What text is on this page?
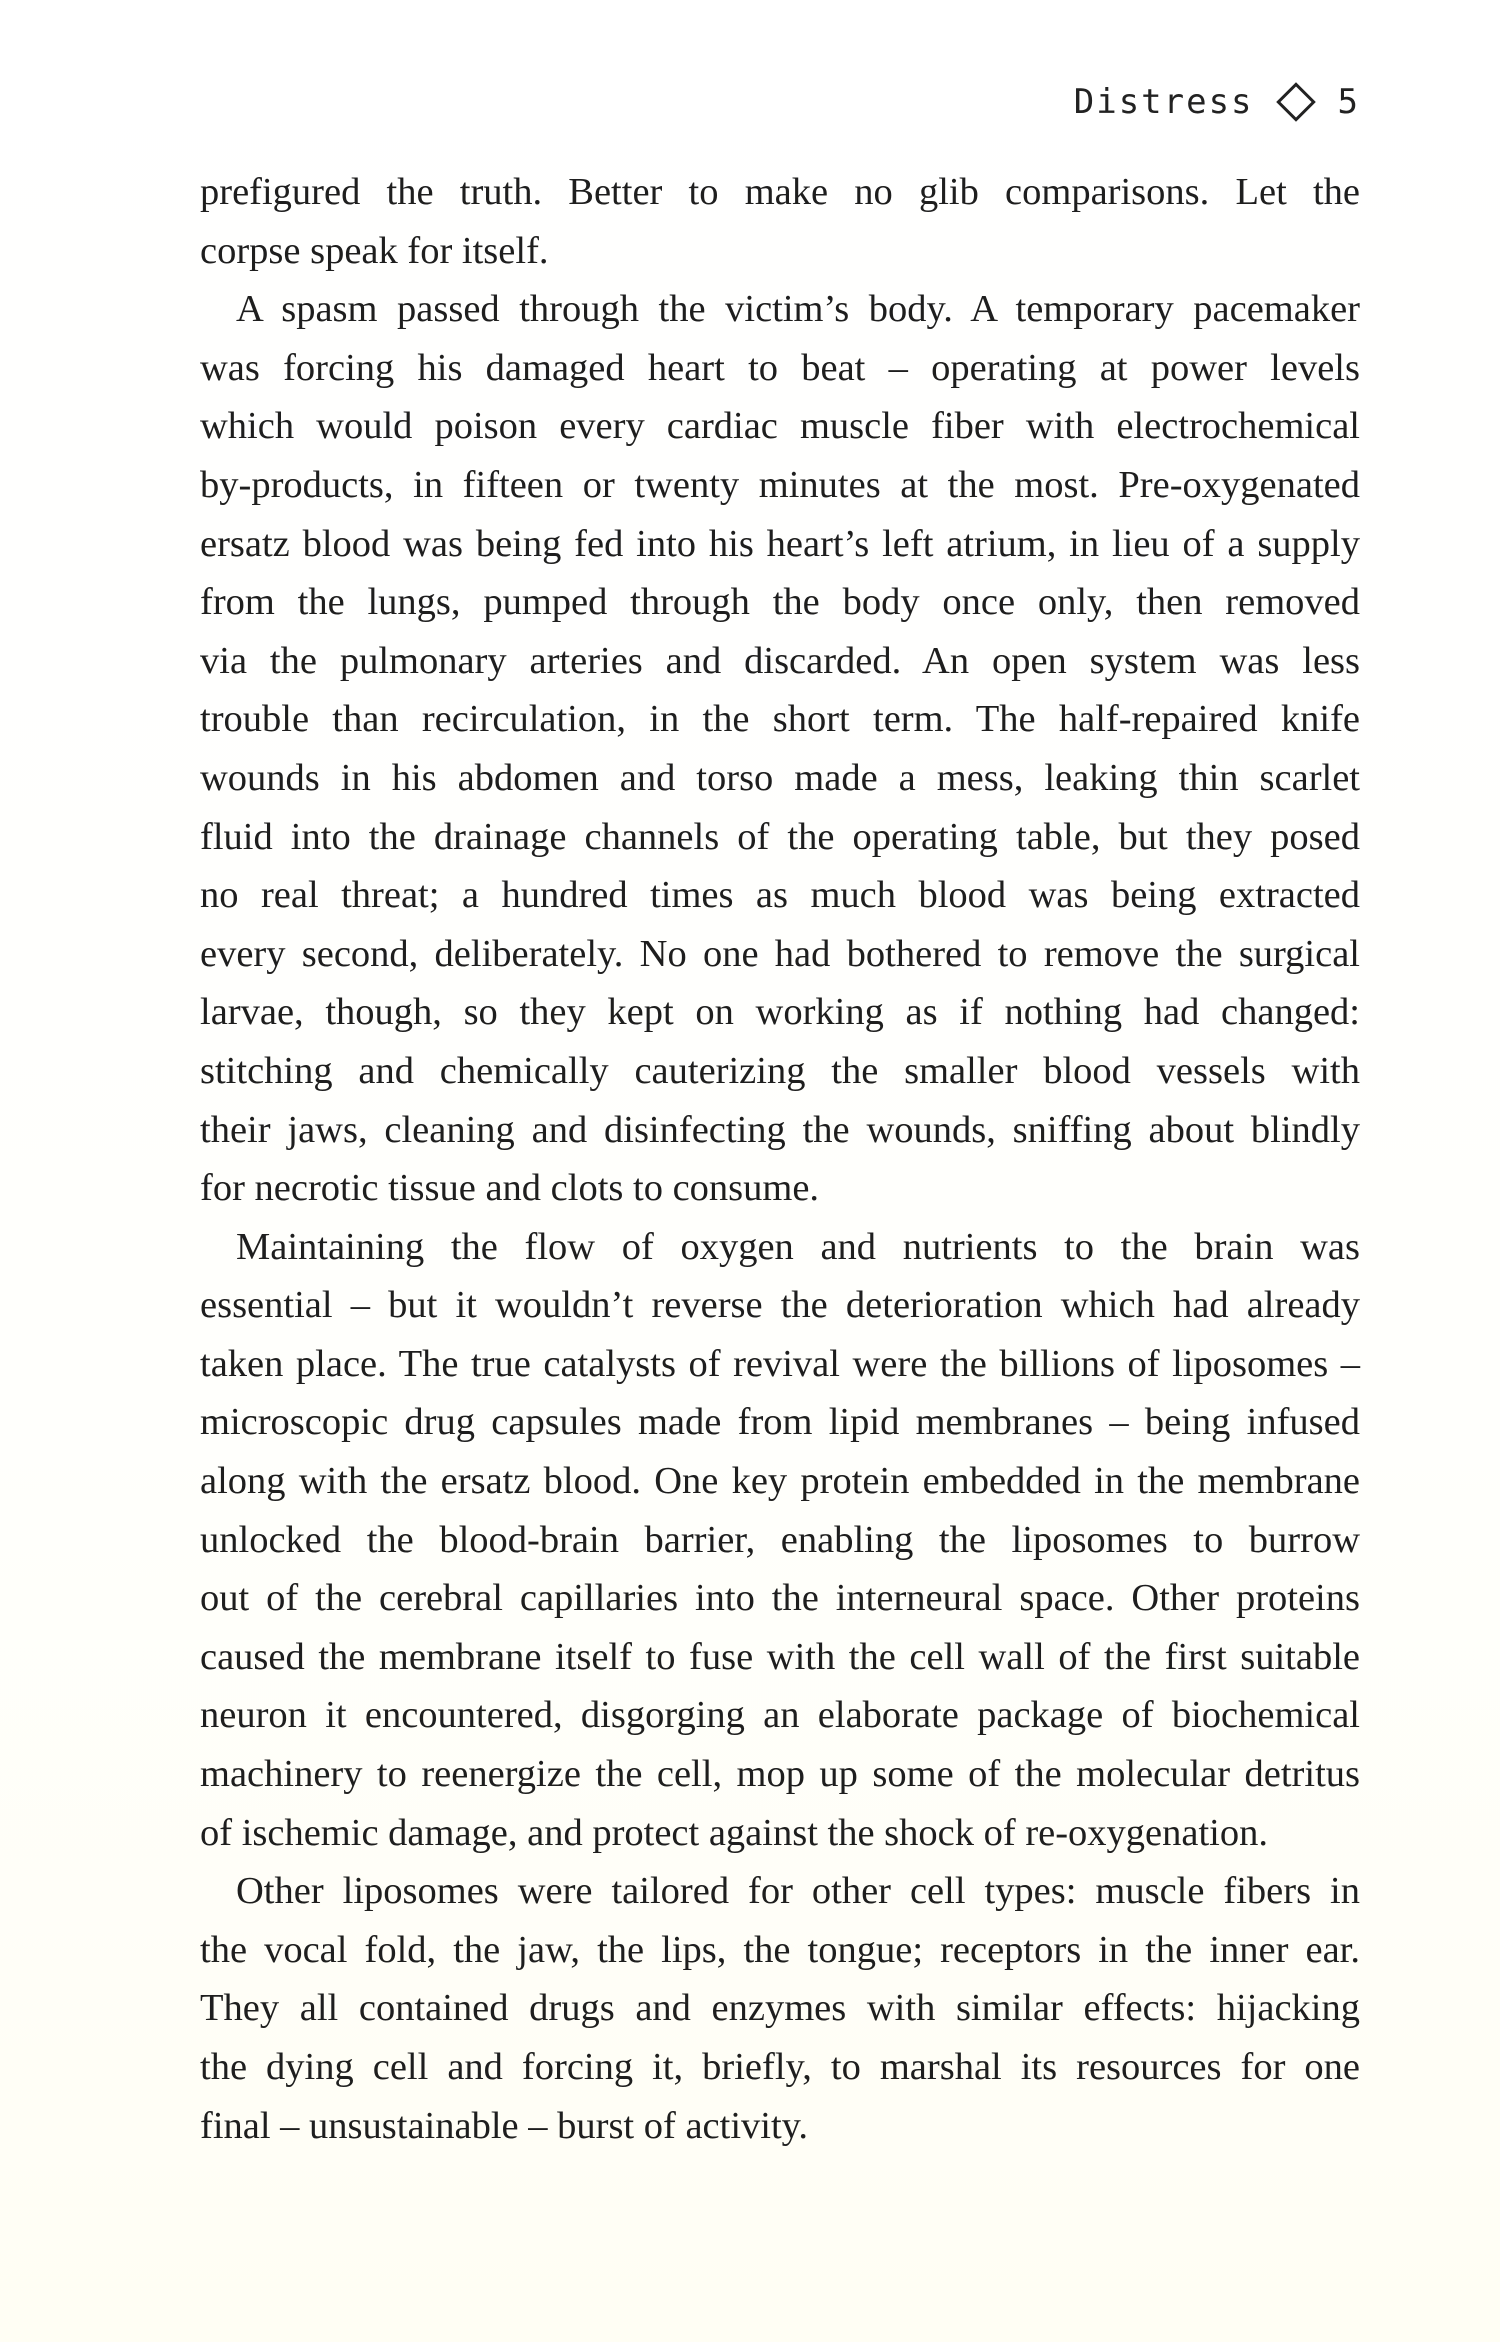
Distress 5
prefigured the truth. Better to make no glib comparisons. Let the
corpse speak for itself.
A spasm passed through the victim’s body. A temporary pacemaker
was forcing his damaged heart to beat – operating at power levels
which would poison every cardiac muscle fiber with electrochemical
by-products, in fifteen or twenty minutes at the most. Pre-oxygenated
ersatz blood was being fed into his heart’s left atrium, in lieu of a supply
from the lungs, pumped through the body once only, then removed
via the pulmonary arteries and discarded. An open system was less
trouble than recirculation, in the short term. The half-repaired knife
wounds in his abdomen and torso made a mess, leaking thin scarlet
fluid into the drainage channels of the operating table, but they posed
no real threat; a hundred times as much blood was being extracted
every second, deliberately. No one had bothered to remove the surgical
larvae, though, so they kept on working as if nothing had changed:
stitching and chemically cauterizing the smaller blood vessels with
their jaws, cleaning and disinfecting the wounds, sniffing about blindly
for necrotic tissue and clots to consume.
Maintaining the flow of oxygen and nutrients to the brain was
essential – but it wouldn’t reverse the deterioration which had already
taken place. The true catalysts of revival were the billions of liposomes –
microscopic drug capsules made from lipid membranes – being infused
along with the ersatz blood. One key protein embedded in the membrane
unlocked the blood-brain barrier, enabling the liposomes to burrow
out of the cerebral capillaries into the interneural space. Other proteins
caused the membrane itself to fuse with the cell wall of the first suitable
neuron it encountered, disgorging an elaborate package of biochemical
machinery to reenergize the cell, mop up some of the molecular detritus
of ischemic damage, and protect against the shock of re-oxygenation.
Other liposomes were tailored for other cell types: muscle fibers in
the vocal fold, the jaw, the lips, the tongue; receptors in the inner ear.
They all contained drugs and enzymes with similar effects: hijacking
the dying cell and forcing it, briefly, to marshal its resources for one
final – unsustainable – burst of activity.
